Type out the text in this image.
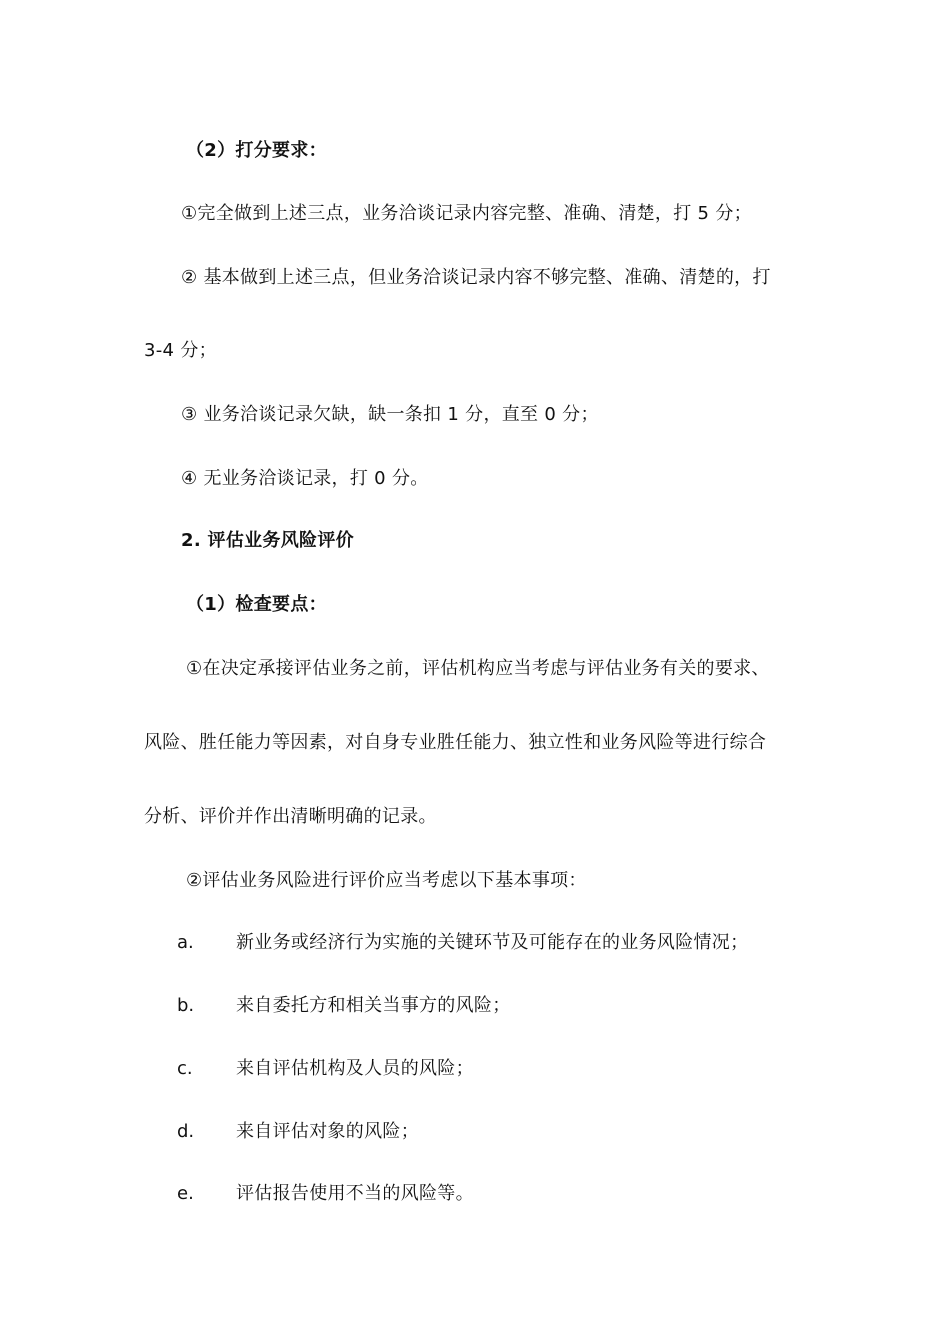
（2）打分要求：
①完全做到上述三点，业务洽谈记录内容完整、准确、清楚，打 5 分；
② 基本做到上述三点，但业务洽谈记录内容不够完整、准确、清楚的，打
3-4 分；
③ 业务洽谈记录欠缺，缺一条扣 1 分，直至 0 分；
④ 无业务洽谈记录，打 0 分。
2. 评估业务风险评价
（1）检查要点：
①在决定承接评估业务之前，评估机构应当考虑与评估业务有关的要求、
风险、胜任能力等因素，对自身专业胜任能力、独立性和业务风险等进行综合
分析、评价并作出清晰明确的记录。
②评估业务风险进行评价应当考虑以下基本事项：
a. 新业务或经济行为实施的关键环节及可能存在的业务风险情况；
b. 来自委托方和相关当事方的风险；
c. 来自评估机构及人员的风险；
d. 来自评估对象的风险；
e. 评估报告使用不当的风险等。
